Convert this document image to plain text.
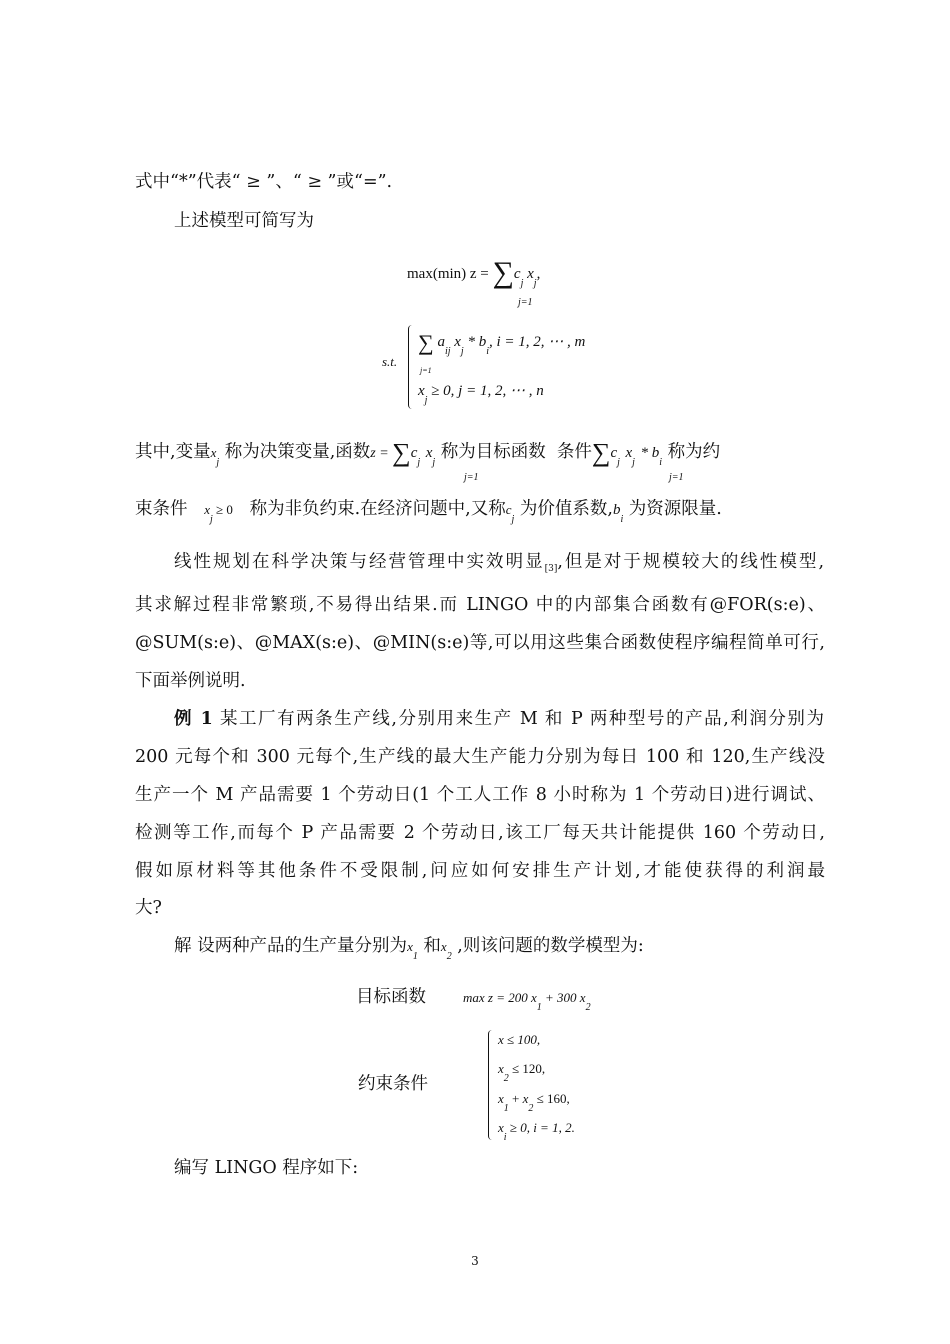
式中“*”代表“ ≥ ”、“ ≥ ”或“=”.
上述模型可简写为
max(min) $z = \sum c_j$ $x_j$,
j=1
s.t.
∑ $a_{ij}$ $x_j * b_i$, i = 1, 2, ⋯ , m
j=1
$x_j \ge 0$, j = 1, 2, ⋯ , n
其中,变量$x_j$ 称为决策变量,函数$z = \sum c_j$ $x_j$ 称为目标函数 条件$\sum c_j$ $x_j * b_i$ 称为约
j=1	j=1
束条件 $x_j \ge 0$ 称为非负约束.在经济问题中,又称$c_j$ 为价值系数$,b_i$ 为资源限量.
线性规划在科学决策与经营管理中实效明显$_{[3]}$,但是对于规模较大的线性模型,
其求解过程非常繁琐,不易得出结果.而 LINGO 中的内部集合函数有@FOR(s:e)、
@SUM(s:e)、@MAX(s:e)、@MIN(s:e)等,可以用这些集合函数使程序编程简单可行,
下面举例说明.
例 1 某工厂有两条生产线,分别用来生产 M 和 P 两种型号的产品,利润分别为
200 元每个和 300 元每个,生产线的最大生产能力分别为每日 100 和 120,生产线没
生产一个 M 产品需要 1 个劳动日(1 个工人工作 8 小时称为 1 个劳动日)进行调试、
检测等工作,而每个 P 产品需要 2 个劳动日,该工厂每天共计能提供 160 个劳动日,
假如原材料等其他条件不受限制,问应如何安排生产计划,才能使获得的利润最
大?
解 设两种产品的生产量分别为$x_1$ 和$x_2$ ,则该问题的数学模型为:
目标函数	max z = 200 $x_1 + 300$ $x_2$
约束条件
x ≤ 100,
$x_2 \le 120$,
$x_1 + x_2 \le 160$,
$x_i \ge 0$, i = 1, 2.
编写 LINGO 程序如下:
3
